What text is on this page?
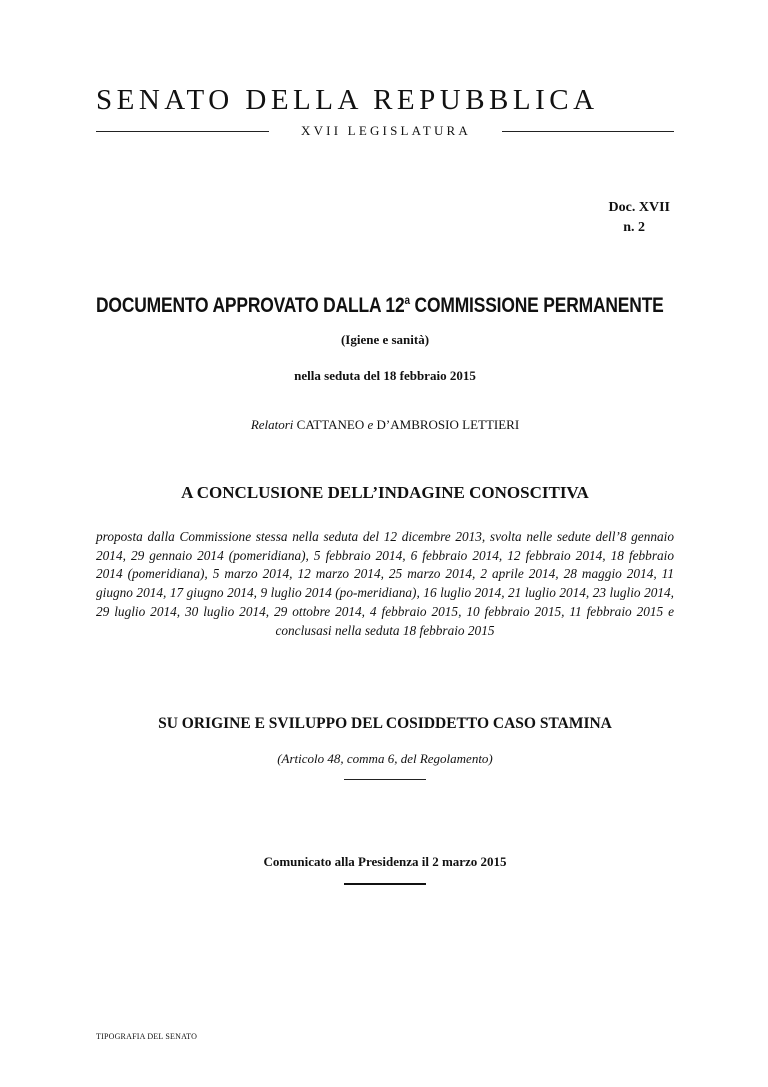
SENATO DELLA REPUBBLICA
XVII LEGISLATURA
Doc. XVII
n. 2
DOCUMENTO APPROVATO DALLA 12$^a$ COMMISSIONE PERMANENTE
(Igiene e sanità)
nella seduta del 18 febbraio 2015
Relatori CATTANEO e D’AMBROSIO LETTIERI
A CONCLUSIONE DELL’INDAGINE CONOSCITIVA
proposta dalla Commissione stessa nella seduta del 12 dicembre 2013, svolta nelle sedute dell’8 gennaio 2014, 29 gennaio 2014 (pomeridiana), 5 febbraio 2014, 6 febbraio 2014, 12 febbraio 2014, 18 febbraio 2014 (pomeridiana), 5 marzo 2014, 12 marzo 2014, 25 marzo 2014, 2 aprile 2014, 28 maggio 2014, 11 giugno 2014, 17 giugno 2014, 9 luglio 2014 (po-meridiana), 16 luglio 2014, 21 luglio 2014, 23 luglio 2014, 29 luglio 2014, 30 luglio 2014, 29 ottobre 2014, 4 febbraio 2015, 10 febbraio 2015, 11 febbraio 2015 e conclusasi nella seduta 18 febbraio 2015
SU ORIGINE E SVILUPPO DEL COSIDDETTO CASO STAMINA
(Articolo 48, comma 6, del Regolamento)
Comunicato alla Presidenza il 2 marzo 2015
TIPOGRAFIA DEL SENATO
